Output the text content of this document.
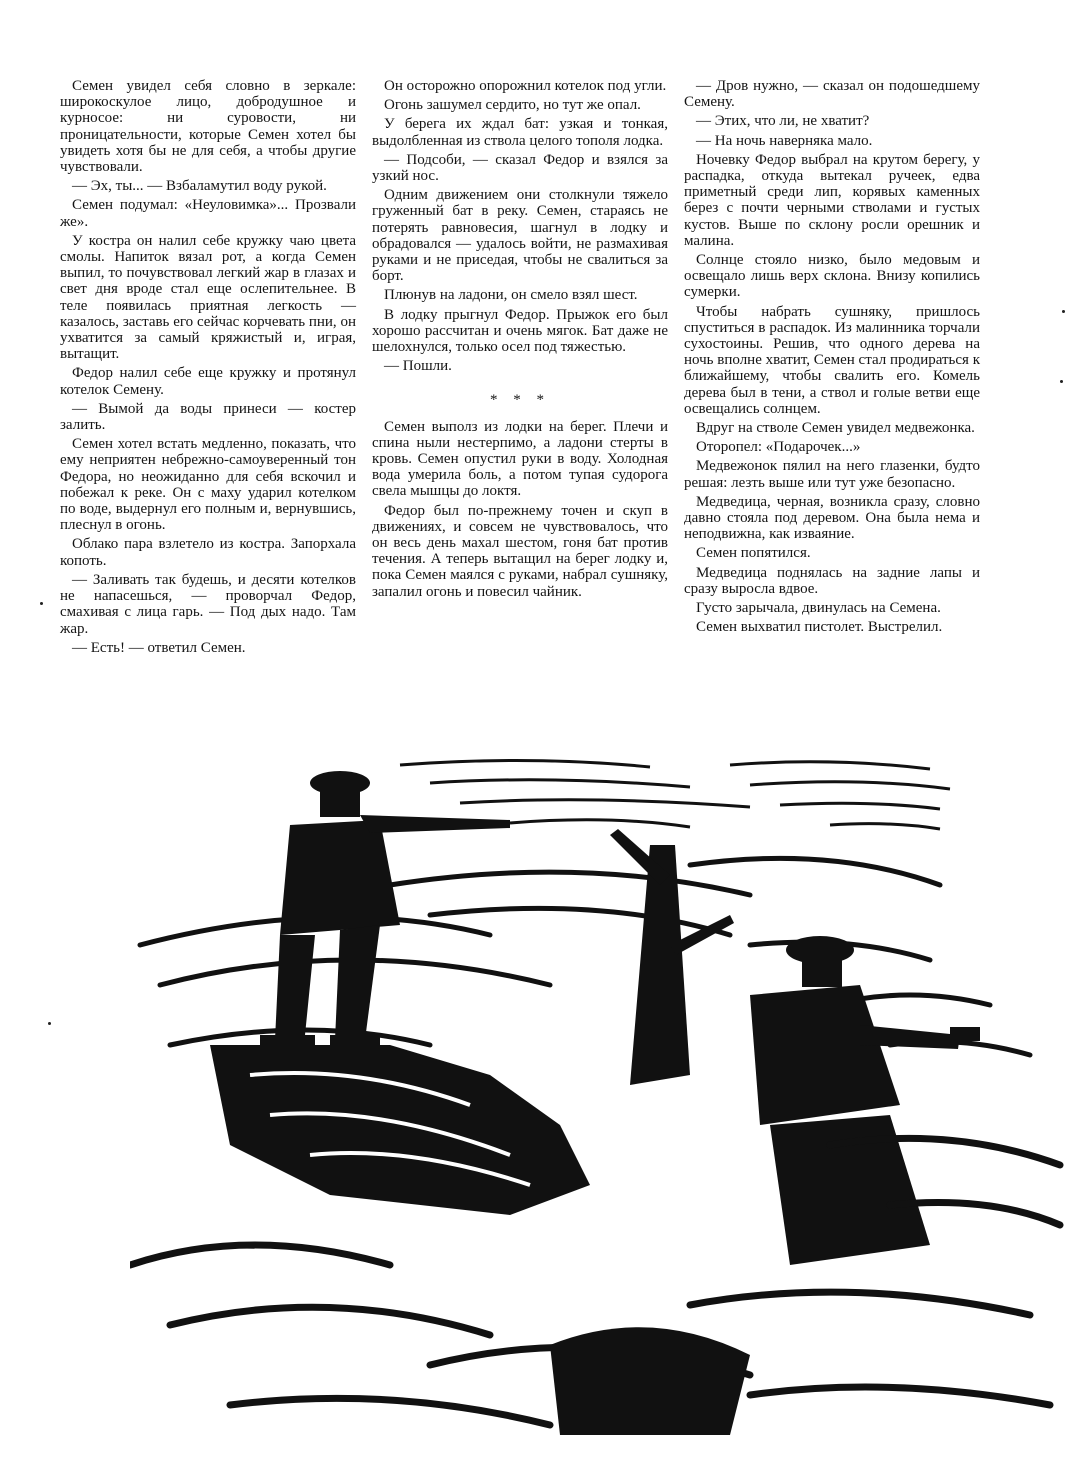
Семен увидел себя словно в зеркале: широкоскулое лицо, добродушное и курносое: ни суровости, ни проницательности, которые Семен хотел бы увидеть хотя бы не для себя, а чтобы другие чувствовали.

— Эх, ты... — Взбаламутил воду рукой.

Семен подумал: «Неуловимка»... Прозвали же».

У костра он налил себе кружку чаю цвета смолы. Напиток вязал рот, а когда Семен выпил, то почувствовал легкий жар в глазах и свет дня вроде стал еще ослепительнее. В теле появилась приятная легкость — казалось, заставь его сейчас корчевать пни, он ухватится за самый кряжистый и, играя, вытащит.

Федор налил себе еще кружку и протянул котелок Семену.

— Вымой да воды принеси — костер залить.

Семен хотел встать медленно, показать, что ему неприятен небрежно-самоуверенный тон Федора, но неожиданно для себя вскочил и побежал к реке. Он с маху ударил котелком по воде, выдернул его полным и, вернувшись, плеснул в огонь.

Облако пара взлетело из костра. Запорхала копоть.

— Заливать так будешь, и десяти котелков не напасешься, — проворчал Федор, смахивая с лица гарь. — Под дых надо. Там жар.

— Есть! — ответил Семен.

Он осторожно опорожнил котелок под угли.

Огонь зашумел сердито, но тут же опал.

У берега их ждал бат: узкая и тонкая, выдолбленная из ствола целого тополя лодка.

— Подсоби, — сказал Федор и взялся за узкий нос.

Одним движением они столкнули тяжело груженный бат в реку. Семен, стараясь не потерять равновесия, шагнул в лодку и обрадовался — удалось войти, не размахивая руками и не приседая, чтобы не свалиться за борт.

Плюнув на ладони, он смело взял шест.

В лодку прыгнул Федор. Прыжок его был хорошо рассчитан и очень мягок. Бат даже не шелохнулся, только осел под тяжестью.

— Пошли.

* * *

Семен выполз из лодки на берег. Плечи и спина ныли нестерпимо, а ладони стерты в кровь. Семен опустил руки в воду. Холодная вода умерила боль, а потом тупая судорога свела мышцы до локтя.

Федор был по-прежнему точен и скуп в движениях, и совсем не чувствовалось, что он весь день махал шестом, гоня бат против течения. А теперь вытащил на берег лодку и, пока Семен маялся с руками, набрал сушняку, запалил огонь и повесил чайник.

— Дров нужно, — сказал он подошедшему Семену.

— Этих, что ли, не хватит?

— На ночь наверняка мало.

Ночевку Федор выбрал на крутом берегу, у распадка, откуда вытекал ручеек, едва приметный среди лип, корявых каменных берез с почти черными стволами и густых кустов. Выше по склону росли орешник и малина.

Солнце стояло низко, было медовым и освещало лишь верх склона. Внизу копились сумерки.

Чтобы набрать сушняку, пришлось спуститься в распадок. Из малинника торчали сухостоины. Решив, что одного дерева на ночь вполне хватит, Семен стал продираться к ближайшему, чтобы свалить его. Комель дерева был в тени, а ствол и голые ветви еще освещались солнцем.

Вдруг на стволе Семен увидел медвежонка.

Оторопел: «Подарочек...»

Медвежонок пялил на него глазенки, будто решая: лезть выше или тут уже безопасно.

Медведица, черная, возникла сразу, словно давно стояла под деревом. Она была нема и неподвижна, как изваяние.

Семен попятился.

Медведица поднялась на задние лапы и сразу выросла вдвое.

Густо зарычала, двинулась на Семена.

Семен выхватил пистолет. Выстрелил.
